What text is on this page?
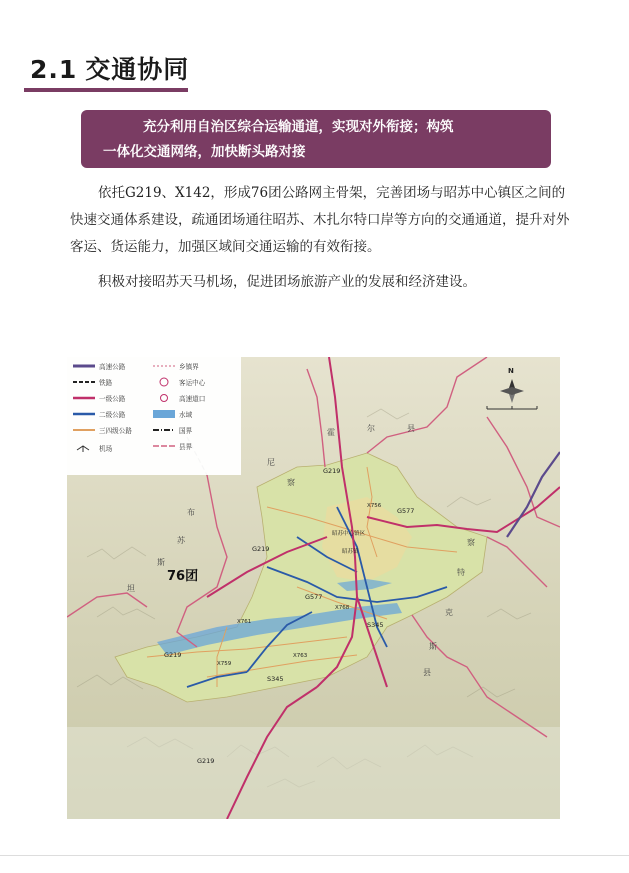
2.1 交通协同
充分利用自治区综合运输通道，实现对外衔接；构筑
一体化交通网络，加快断头路对接

依托G219、X142，形成76团公路网主骨架，完善团场与昭苏中心镇区之间的快速交通体系建设，疏通团场通往昭苏、木扎尔特口岸等方向的交通通道，提升对外客运、货运能力，加强区域间交通运输的有效衔接。

积极对接昭苏天马机场，促进团场旅游产业的发展和经济建设。

高速公路
铁路
一级公路
二级公路
三四级公路
机场
乡镇界
客运中心
高速道口
水域
国界
县界
76团
G219
G219
G219
G219
G577
G577
S345
S345
X756
X768
X761
X763
X759
昭苏镇
昭苏中心镇区
霍	尔	县
尼
察
布
苏
斯
坦
特
克
斯
县
察
N
